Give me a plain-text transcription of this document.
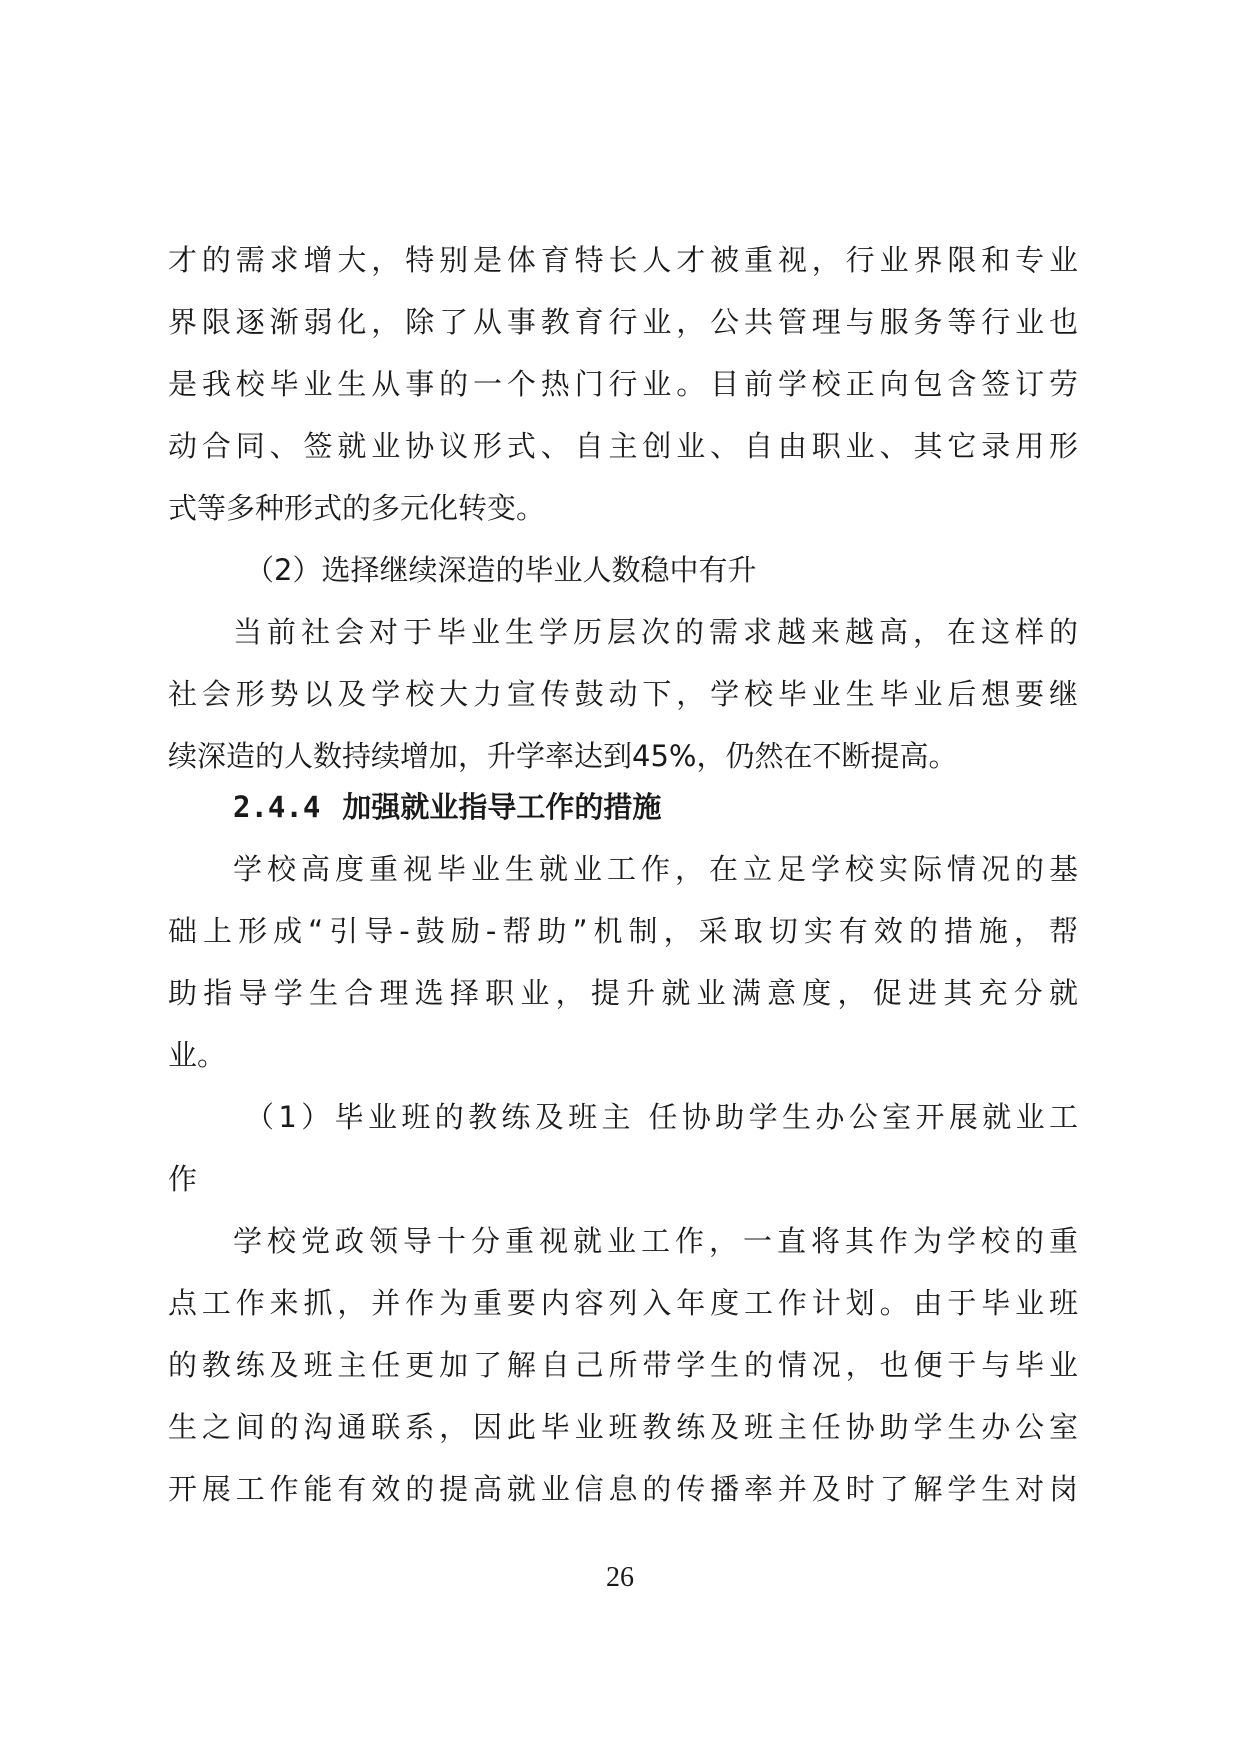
才的需求增大，特别是体育特长人才被重视，行业界限和专业
界限逐渐弱化，除了从事教育行业，公共管理与服务等行业也
是我校毕业生从事的一个热门行业。目前学校正向包含签订劳
动合同、签就业协议形式、自主创业、自由职业、其它录用形
式等多种形式的多元化转变。
（2）选择继续深造的毕业人数稳中有升
当前社会对于毕业生学历层次的需求越来越高，在这样的
社会形势以及学校大力宣传鼓动下，学校毕业生毕业后想要继
续深造的人数持续增加，升学率达到45%，仍然在不断提高。
2.4.4 加强就业指导工作的措施
学校高度重视毕业生就业工作，在立足学校实际情况的基
础上形成“引导-鼓励-帮助”机制，采取切实有效的措施，帮
助指导学生合理选择职业，提升就业满意度，促进其充分就
业。
（1）毕业班的教练及班主 任协助学生办公室开展就业工
作
学校党政领导十分重视就业工作，一直将其作为学校的重
点工作来抓，并作为重要内容列入年度工作计划。由于毕业班
的教练及班主任更加了解自己所带学生的情况，也便于与毕业
生之间的沟通联系，因此毕业班教练及班主任协助学生办公室
开展工作能有效的提高就业信息的传播率并及时了解学生对岗
26
